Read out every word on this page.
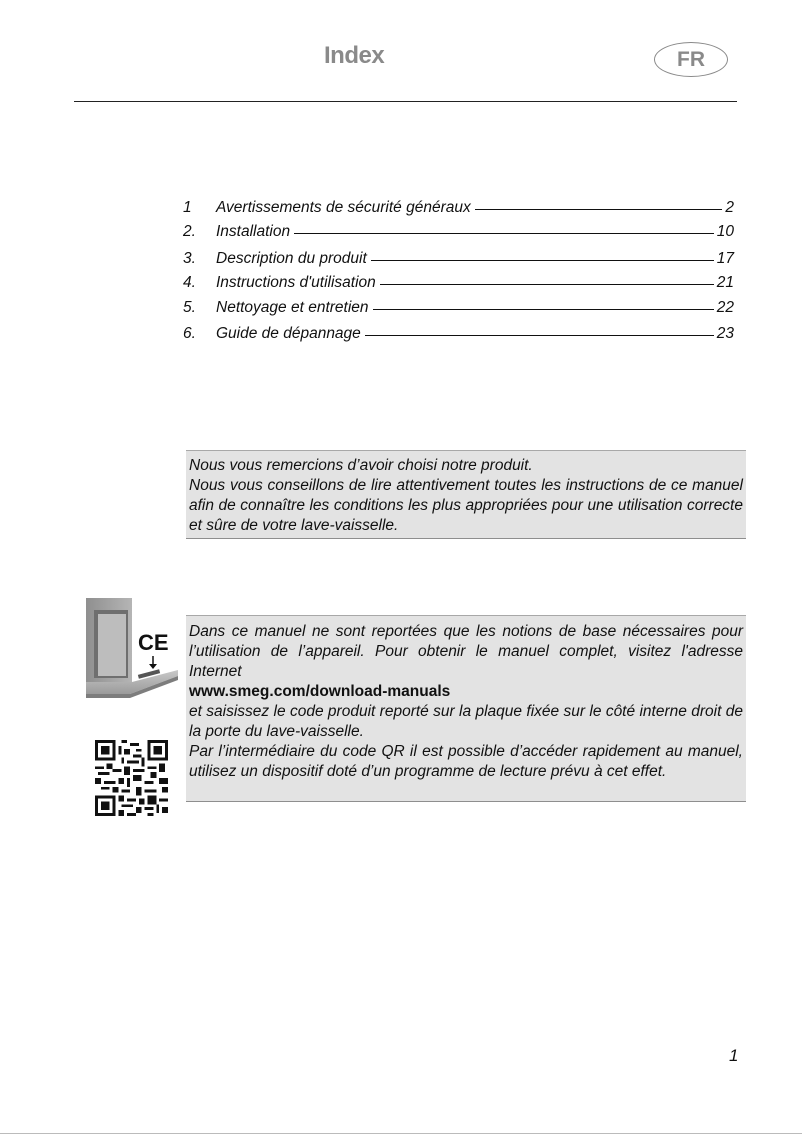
Index	FR
1	Avertissements de sécurité généraux	2
2.	Installation	10
3.	Description du produit	17
4.	Instructions d'utilisation	21
5.	Nettoyage et entretien	22
6.	Guide de dépannage	23

Nous vous remercions d’avoir choisi notre produit.

Nous vous conseillons de lire attentivement toutes les instructions de ce manuel afin de connaître les conditions les plus appropriées pour une utilisation correcte et sûre de votre lave-vaisselle.

CE Dans ce manuel ne sont reportées que les notions de base nécessaires pour l’utilisation de l’appareil. Pour obtenir le manuel complet, visitez l'adresse Internet

www.smeg.com/download-manuals

et saisissez le code produit reporté sur la plaque fixée sur le côté interne droit de la porte du lave-vaisselle.

Par l’intermédiaire du code QR il est possible d’accéder rapidement au manuel, utilisez un dispositif doté d’un programme de lecture prévu à cet effet.

1
